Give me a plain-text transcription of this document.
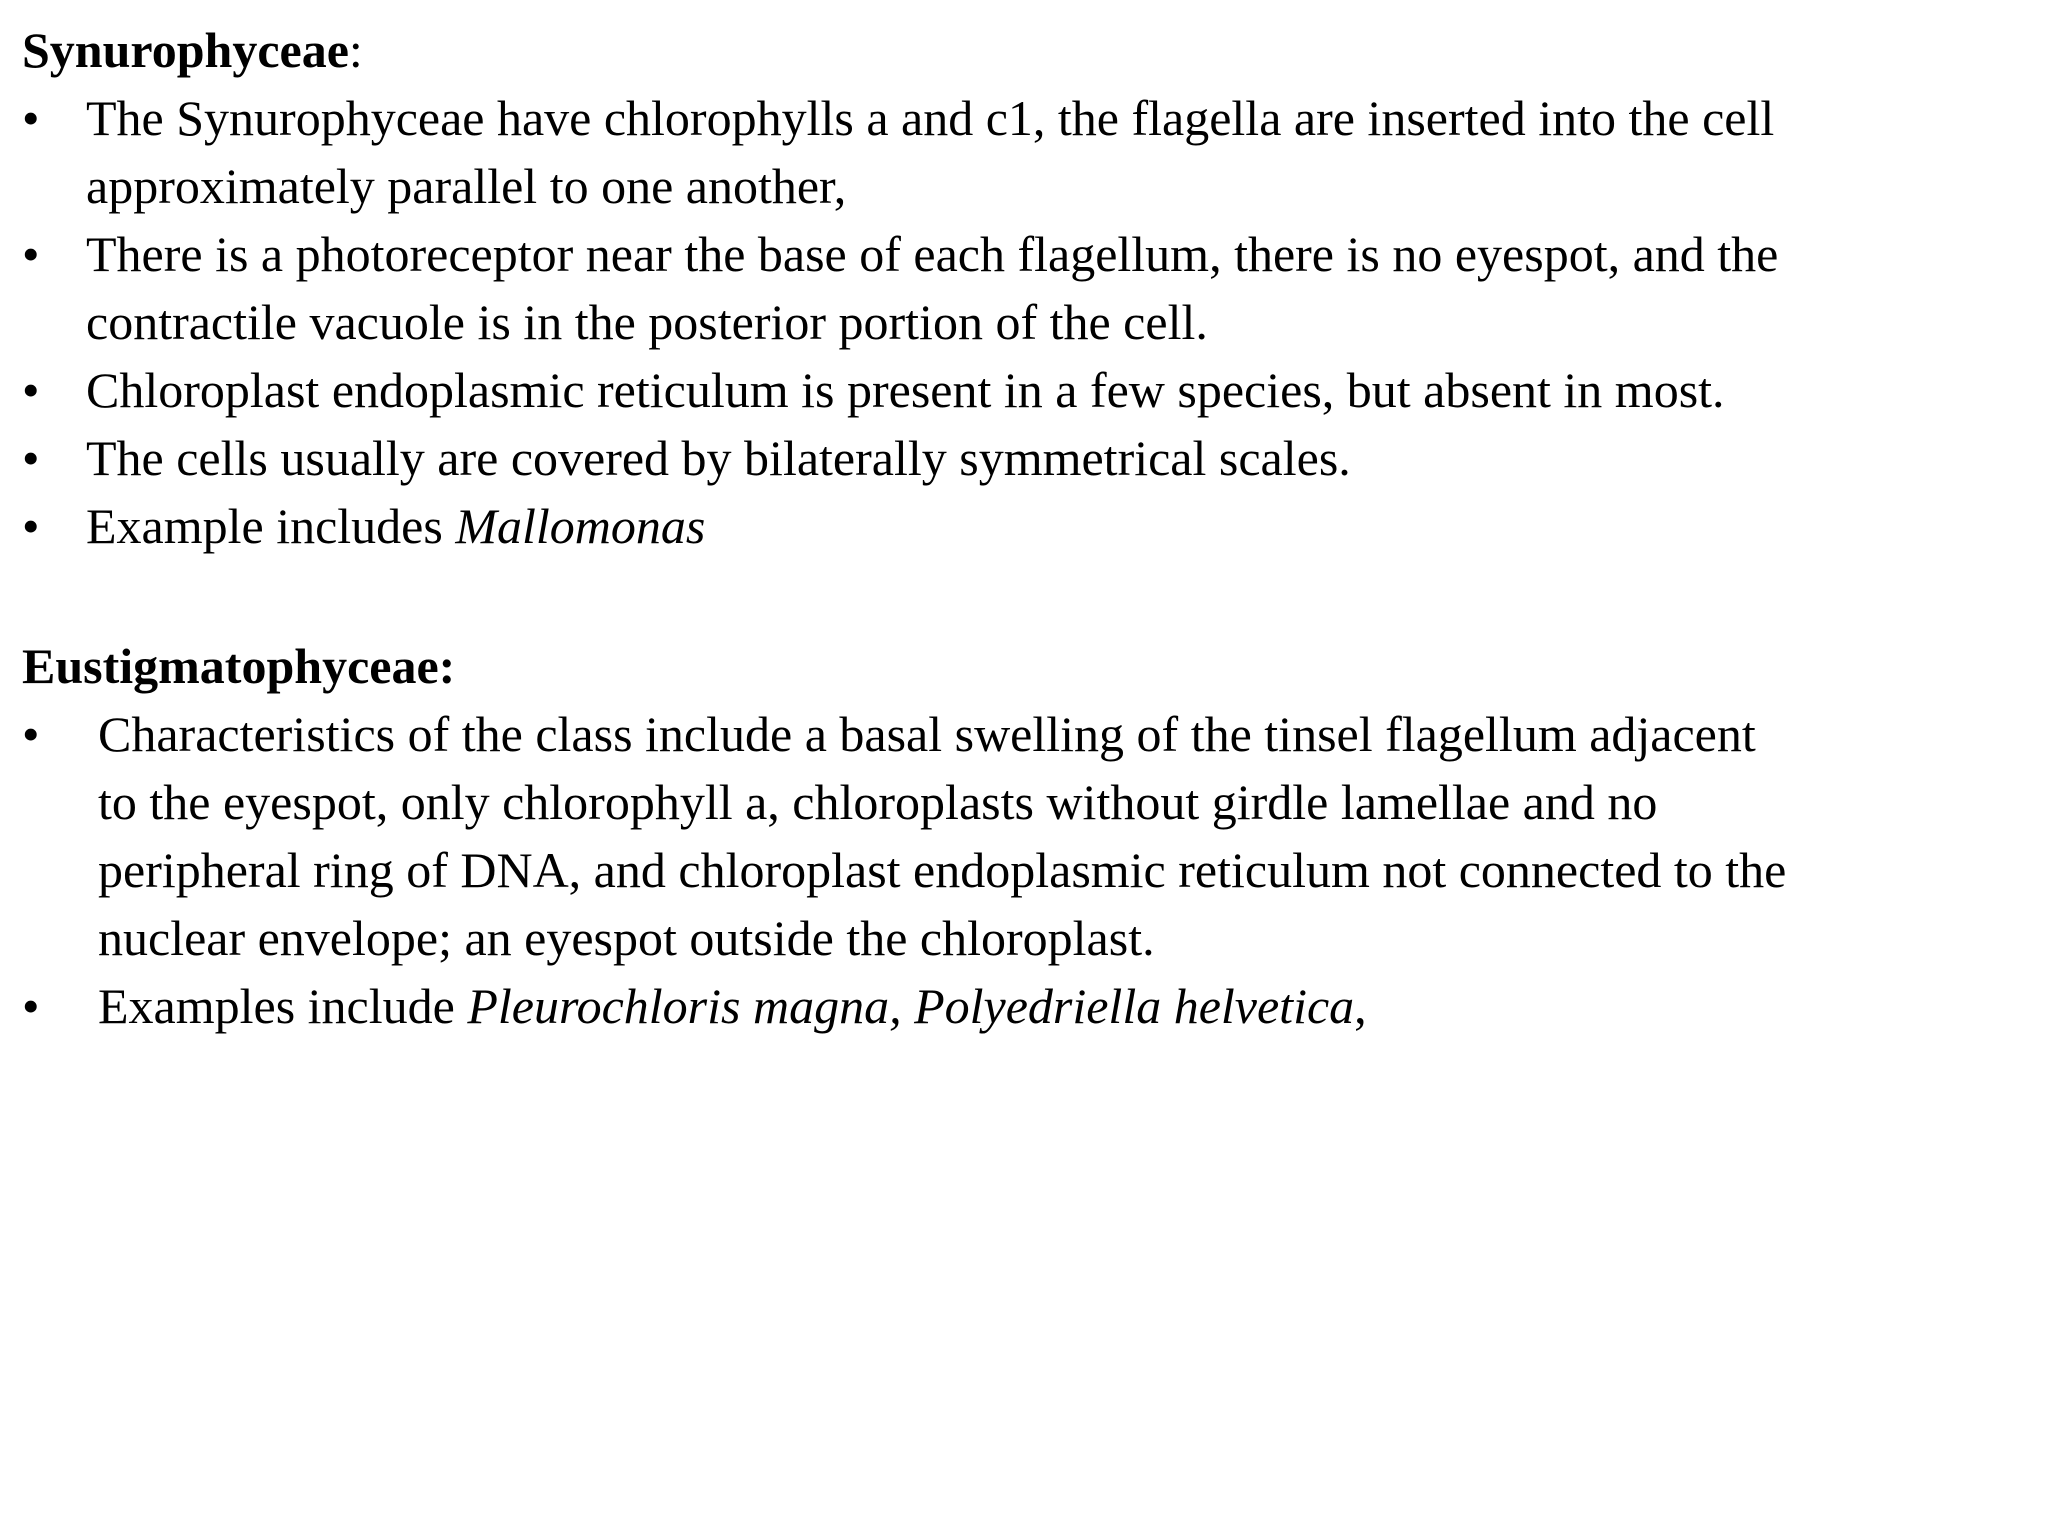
Synurophyceae:

• The Synurophyceae have chlorophylls a and c1, the flagella are inserted into the cell
approximately parallel to one another,
• There is a photoreceptor near the base of each flagellum, there is no eyespot, and the
contractile vacuole is in the posterior portion of the cell.
• Chloroplast endoplasmic reticulum is present in a few species, but absent in most.
• The cells usually are covered by bilaterally symmetrical scales.
• Example includes Mallomonas

Eustigmatophyceae:

•	Characteristics of the class include a basal swelling of the tinsel flagellum adjacent
to the eyespot, only chlorophyll a, chloroplasts without girdle lamellae and no
peripheral ring of DNA, and chloroplast endoplasmic reticulum not connected to the
nuclear envelope; an eyespot outside the chloroplast.
•	Examples include Pleurochloris magna, Polyedriella helvetica,
